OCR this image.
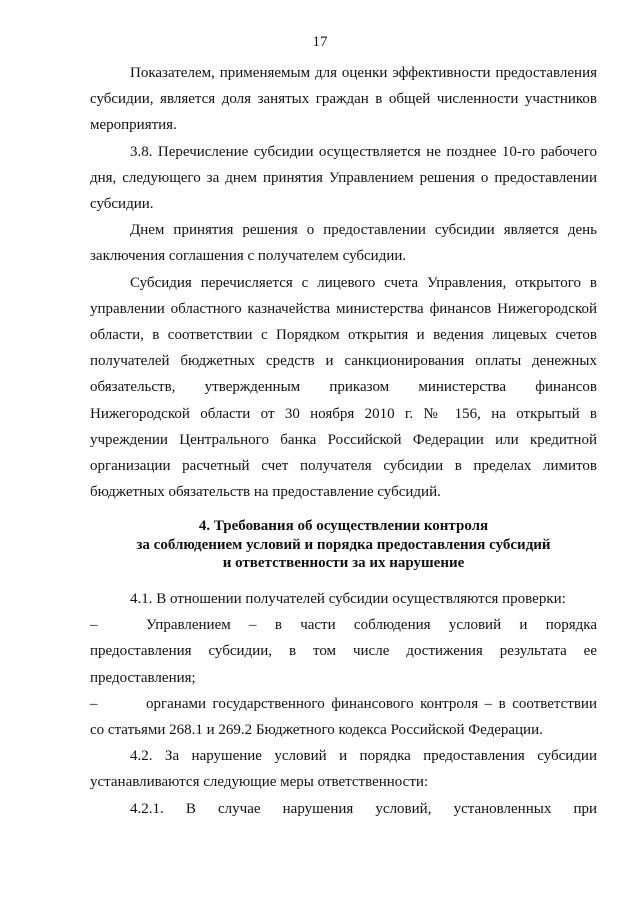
17

Показателем, применяемым для оценки эффективности предоставления субсидии, является доля занятых граждан в общей численности участников мероприятия.

3.8. Перечисление субсидии осуществляется не позднее 10-го рабочего дня, следующего за днем принятия Управлением решения о предоставлении субсидии.

Днем принятия решения о предоставлении субсидии является день заключения соглашения с получателем субсидии.

Субсидия перечисляется с лицевого счета Управления, открытого в управлении областного казначейства министерства финансов Нижегородской области, в соответствии с Порядком открытия и ведения лицевых счетов получателей бюджетных средств и санкционирования оплаты денежных обязательств, утвержденным приказом министерства финансов Нижегородской области от 30 ноября 2010 г. № 156, на открытый в учреждении Центрального банка Российской Федерации или кредитной организации расчетный счет получателя субсидии в пределах лимитов бюджетных обязательств на предоставление субсидий.

4. Требования об осуществлении контроля
за соблюдением условий и порядка предоставления субсидий
и ответственности за их нарушение

4.1. В отношении получателей субсидии осуществляются проверки:

–	Управлением – в части соблюдения условий и порядка предоставления субсидии, в том числе достижения результата ее предоставления;

–	органами государственного финансового контроля – в соответствии со статьями 268.1 и 269.2 Бюджетного кодекса Российской Федерации.

4.2. За нарушение условий и порядка предоставления субсидии устанавливаются следующие меры ответственности:

4.2.1. В случае нарушения условий, установленных при
